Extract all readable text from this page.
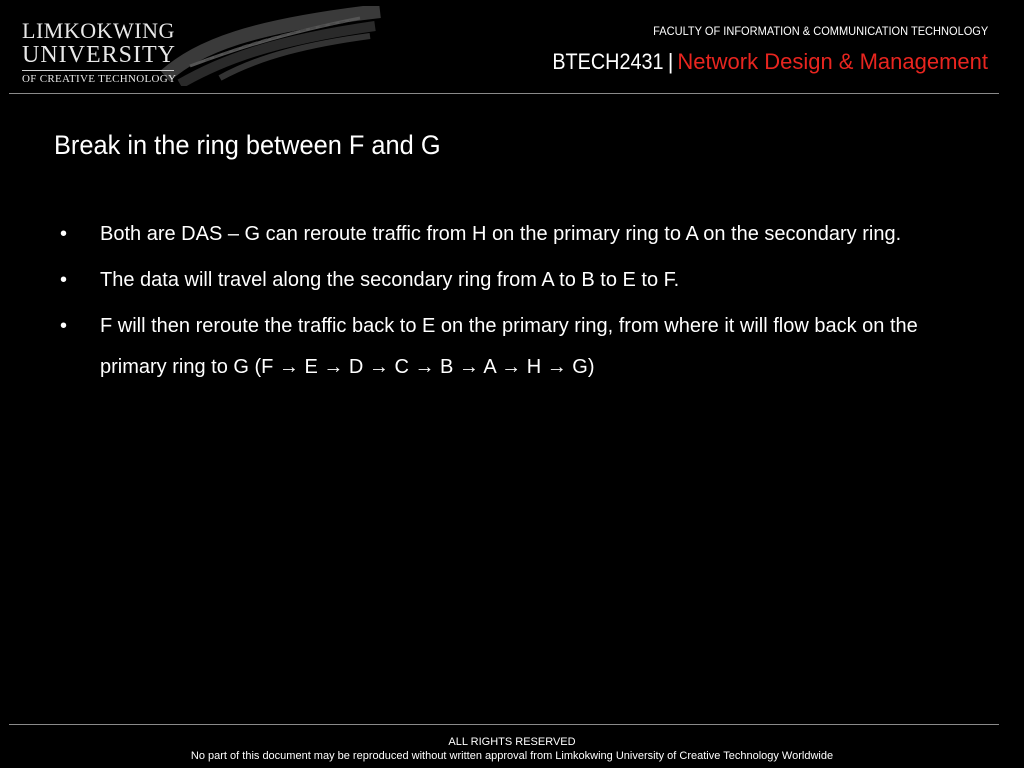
LIMKOKWING
UNIVERSITY
OF CREATIVE TECHNOLOGY
FACULTY OF INFORMATION & COMMUNICATION TECHNOLOGY
BTECH2431 | Network Design & Management
Break in the ring between F and G
• Both are DAS – G can reroute traffic from H on the primary ring to A on the secondary ring.
• The data will travel along the secondary ring from A to B to E to F.
• F will then reroute the traffic back to E on the primary ring, from where it will flow back on the primary ring to G (F → E → D → C → B → A → H → G)
ALL RIGHTS RESERVED
No part of this document may be reproduced without written approval from Limkokwing University of Creative Technology Worldwide
